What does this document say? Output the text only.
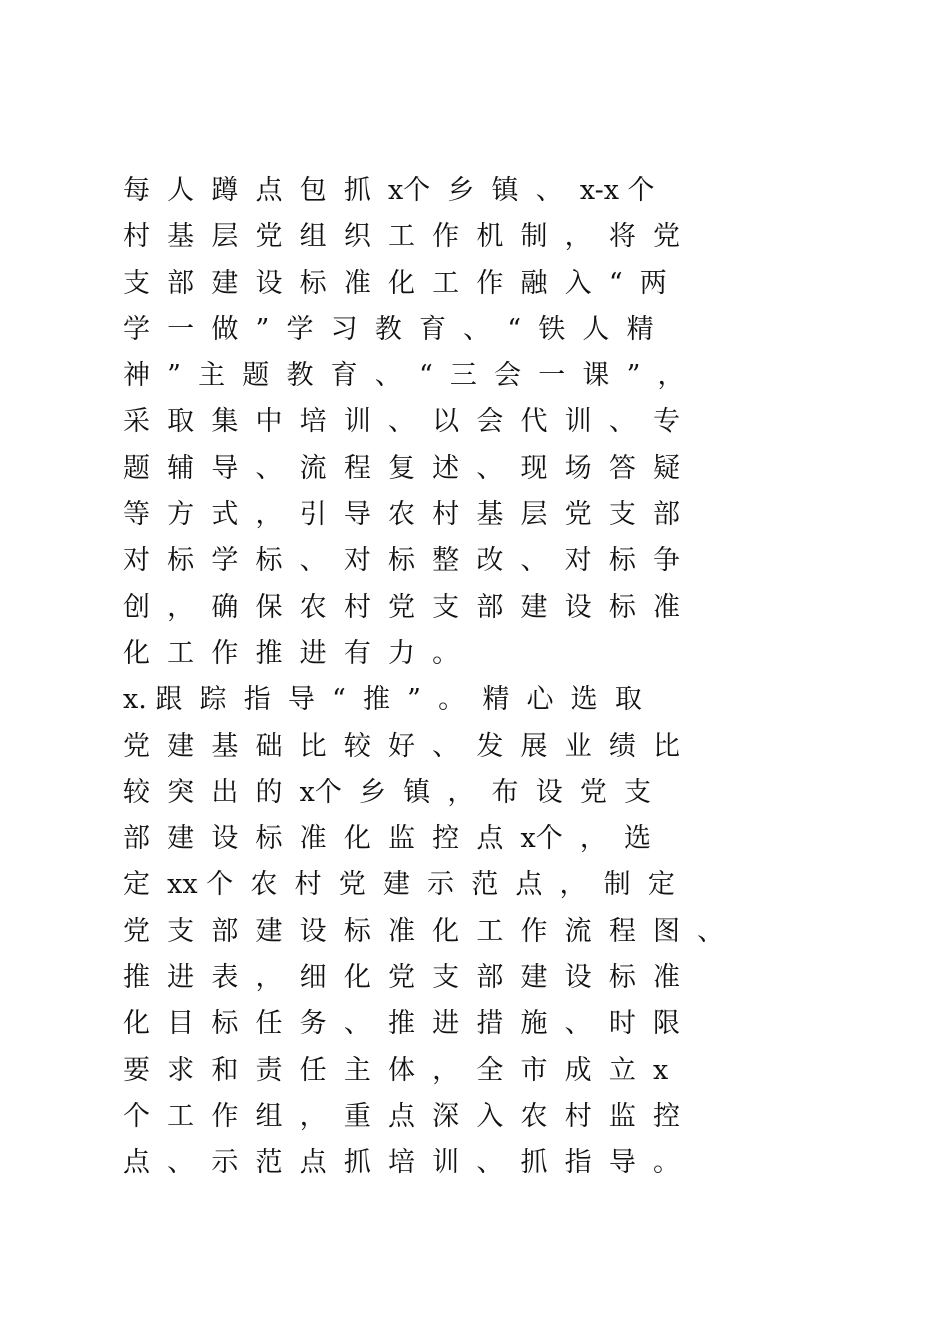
每  人  蹲  点  包  抓  x个  乡  镇  、  x-x 个
村  基  层  党  组  织  工  作  机  制  ，  将  党
支  部  建  设  标  准  化  工  作  融  入  “  两
学  一  做  ”  学  习  教  育  、  “  铁  人  精
神  ”  主  题  教  育  、  “  三  会  一  课  ”  ，
采  取  集  中  培  训  、  以  会  代  训  、  专
题  辅  导  、  流  程  复  述  、  现  场  答  疑
等  方  式  ，  引  导  农  村  基  层  党  支  部
对  标  学  标  、  对  标  整  改  、  对  标  争
创  ，  确  保  农  村  党  支  部  建  设  标  准
化  工  作  推  进  有  力  。
x. 跟  踪  指  导  “  推  ”  。  精  心  选  取
党  建  基  础  比  较  好  、  发  展  业  绩  比
较  突  出  的  x个  乡  镇  ，  布  设  党  支
部  建  设  标  准  化  监  控  点  x个  ，  选
定  xx 个  农  村  党  建  示  范  点  ，  制  定
党  支  部  建  设  标  准  化  工  作  流  程  图  、
推  进  表  ，  细  化  党  支  部  建  设  标  准
化  目  标  任  务  、  推  进  措  施  、  时  限
要  求  和  责  任  主  体  ，  全  市  成  立  x
个  工  作  组  ，  重  点  深  入  农  村  监  控
点  、  示  范  点  抓  培  训  、  抓  指  导  。
